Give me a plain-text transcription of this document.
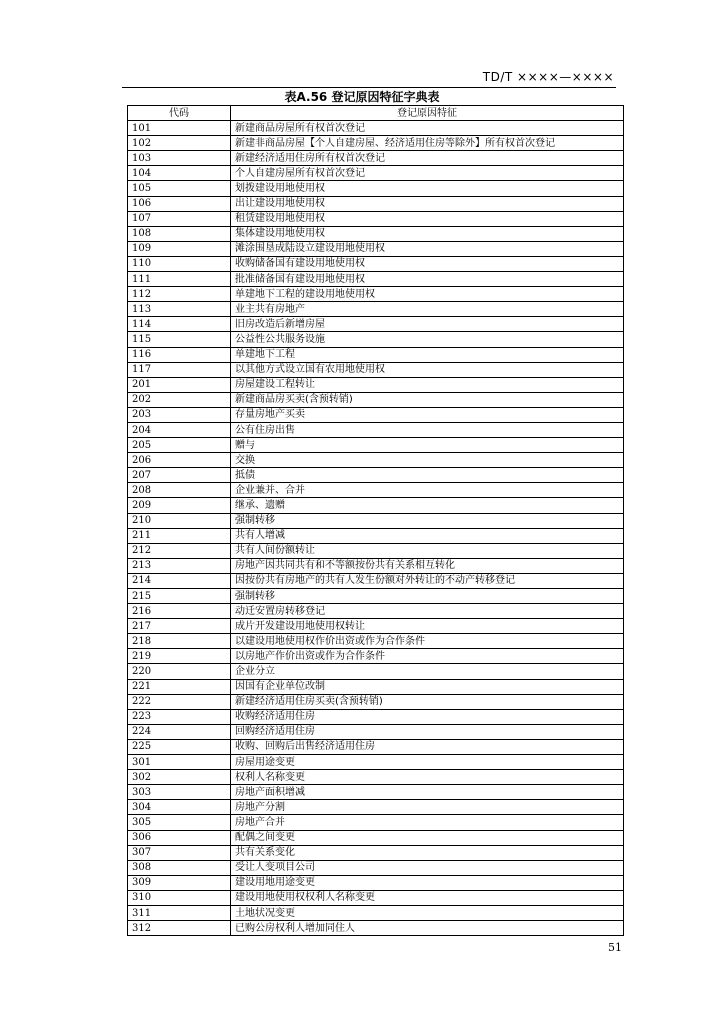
TD/T ××××—××××
表A.56 登记原因特征字典表
代码	登记原因特征
101	新建商品房屋所有权首次登记
102	新建非商品房屋【个人自建房屋、经济适用住房等除外】所有权首次登记
103	新建经济适用住房所有权首次登记
104	个人自建房屋所有权首次登记
105	划拨建设用地使用权
106	出让建设用地使用权
107	租赁建设用地使用权
108	集体建设用地使用权
109	滩涂围垦成陆设立建设用地使用权
110	收购储备国有建设用地使用权
111	批准储备国有建设用地使用权
112	单建地下工程的建设用地使用权
113	业主共有房地产
114	旧房改造后新增房屋
115	公益性公共服务设施
116	单建地下工程
117	以其他方式设立国有农用地使用权
201	房屋建设工程转让
202	新建商品房买卖(含预转销)
203	存量房地产买卖
204	公有住房出售
205	赠与
206	交换
207	抵债
208	企业兼并、合并
209	继承、遗赠
210	强制转移
211	共有人增减
212	共有人间份额转让
213	房地产因共同共有和不等额按份共有关系相互转化
214	因按份共有房地产的共有人发生份额对外转让的不动产转移登记
215	强制转移
216	动迁安置房转移登记
217	成片开发建设用地使用权转让
218	以建设用地使用权作价出资或作为合作条件
219	以房地产作价出资或作为合作条件
220	企业分立
221	因国有企业单位改制
222	新建经济适用住房买卖(含预转销)
223	收购经济适用住房
224	回购经济适用住房
225	收购、回购后出售经济适用住房
301	房屋用途变更
302	权利人名称变更
303	房地产面积增减
304	房地产分割
305	房地产合并
306	配偶之间变更
307	共有关系变化
308	受让人变项目公司
309	建设用地用途变更
310	建设用地使用权权利人名称变更
311	土地状况变更
312	已购公房权利人增加同住人
51
